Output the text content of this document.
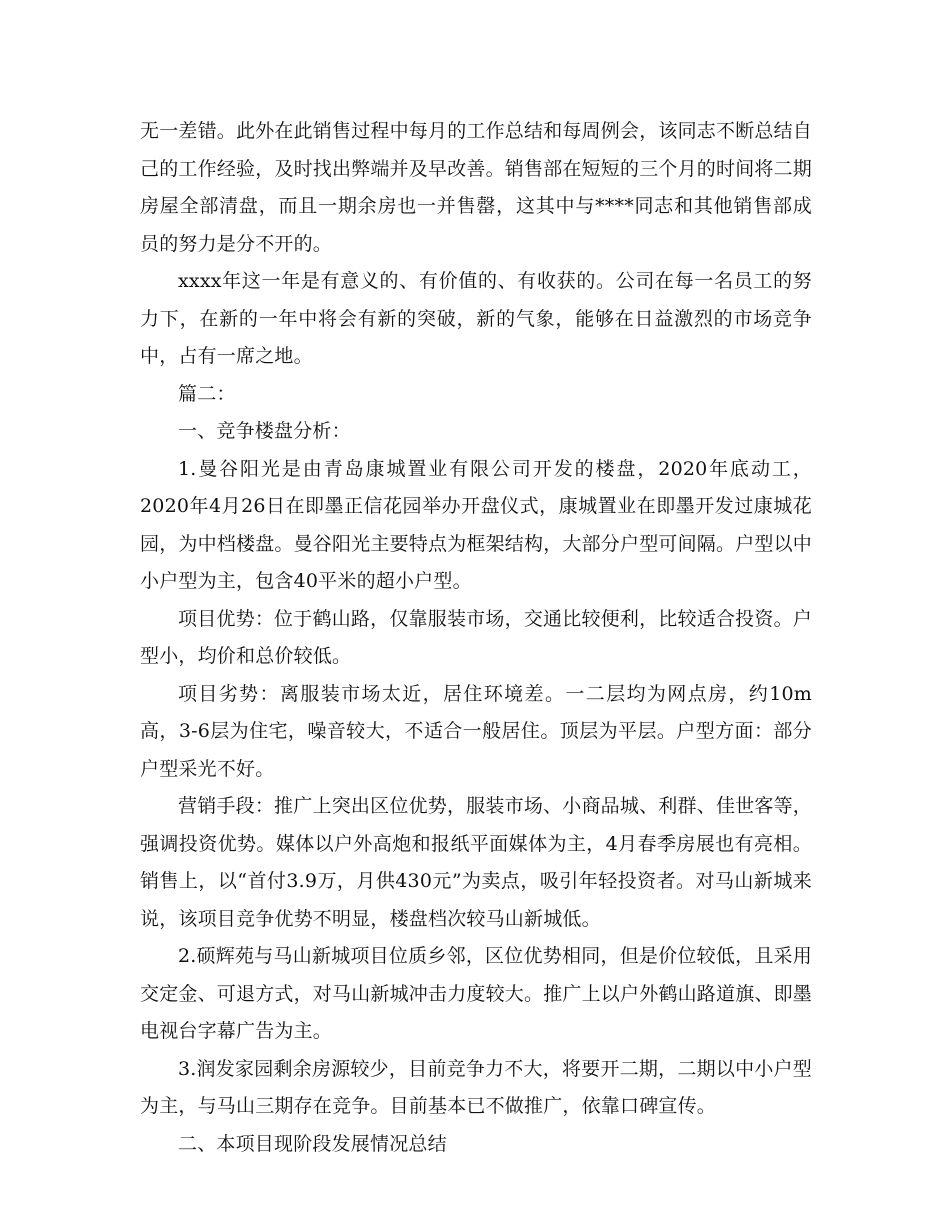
无一差错。此外在此销售过程中每月的工作总结和每周例会，该同志不断总结自己的工作经验，及时找出弊端并及早改善。销售部在短短的三个月的时间将二期房屋全部清盘，而且一期余房也一并售罄，这其中与****同志和其他销售部成员的努力是分不开的。

xxxx年这一年是有意义的、有价值的、有收获的。公司在每一名员工的努力下，在新的一年中将会有新的突破，新的气象，能够在日益激烈的市场竞争中，占有一席之地。

篇二：

一、竞争楼盘分析：

1.曼谷阳光是由青岛康城置业有限公司开发的楼盘，2020年底动工，2020年4月26日在即墨正信花园举办开盘仪式，康城置业在即墨开发过康城花园，为中档楼盘。曼谷阳光主要特点为框架结构，大部分户型可间隔。户型以中小户型为主，包含40平米的超小户型。

项目优势：位于鹤山路，仅靠服装市场，交通比较便利，比较适合投资。户型小，均价和总价较低。

项目劣势：离服装市场太近，居住环境差。一二层均为网点房，约10m高，3-6层为住宅，噪音较大，不适合一般居住。顶层为平层。户型方面：部分户型采光不好。

营销手段：推广上突出区位优势，服装市场、小商品城、利群、佳世客等，强调投资优势。媒体以户外高炮和报纸平面媒体为主，4月春季房展也有亮相。销售上，以“首付3.9万，月供430元”为卖点，吸引年轻投资者。对马山新城来说，该项目竞争优势不明显，楼盘档次较马山新城低。

2.硕辉苑与马山新城项目位质乡邻，区位优势相同，但是价位较低，且采用交定金、可退方式，对马山新城冲击力度较大。推广上以户外鹤山路道旗、即墨电视台字幕广告为主。

3.润发家园剩余房源较少，目前竞争力不大，将要开二期，二期以中小户型为主，与马山三期存在竞争。目前基本已不做推广，依靠口碑宣传。

二、本项目现阶段发展情况总结
